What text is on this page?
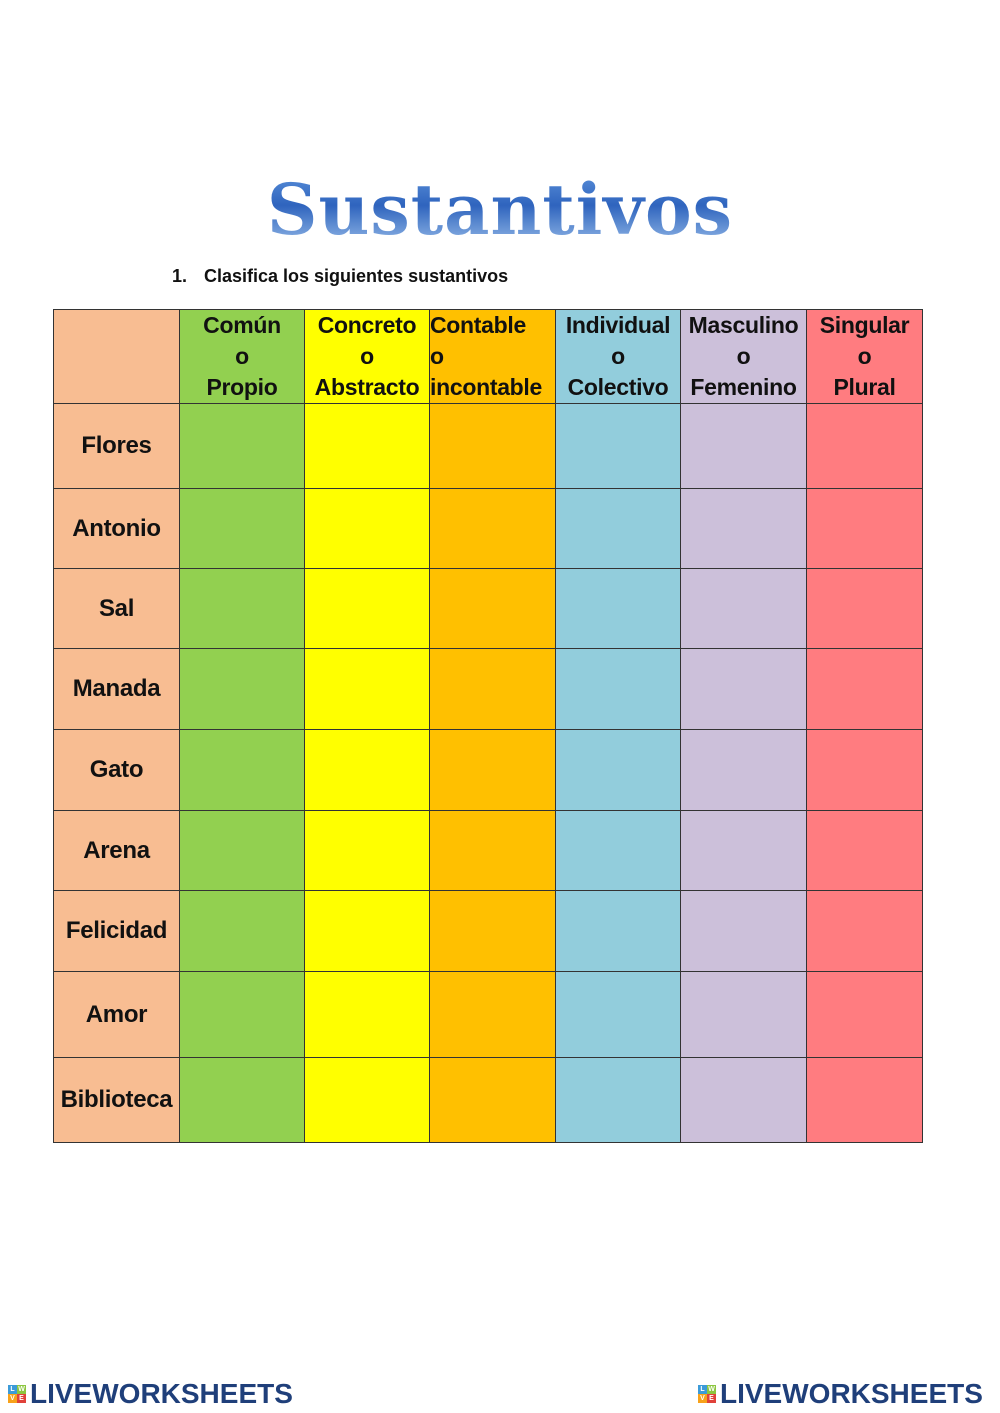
Sustantivos
1. Clasifica los siguientes sustantivos

	Común
o
Propio	Concreto
o
Abstracto	Contable
o
incontable	Individual
o
Colectivo	Masculino
o
Femenino	Singular
o
Plural

Flores						
Antonio						
Sal						
Manada						
Gato						
Arena						
Felicidad						
Amor						
Biblioteca						
L W
V E LIVEWORKSHEETS	L W
V E LIVEWORKSHEETS
